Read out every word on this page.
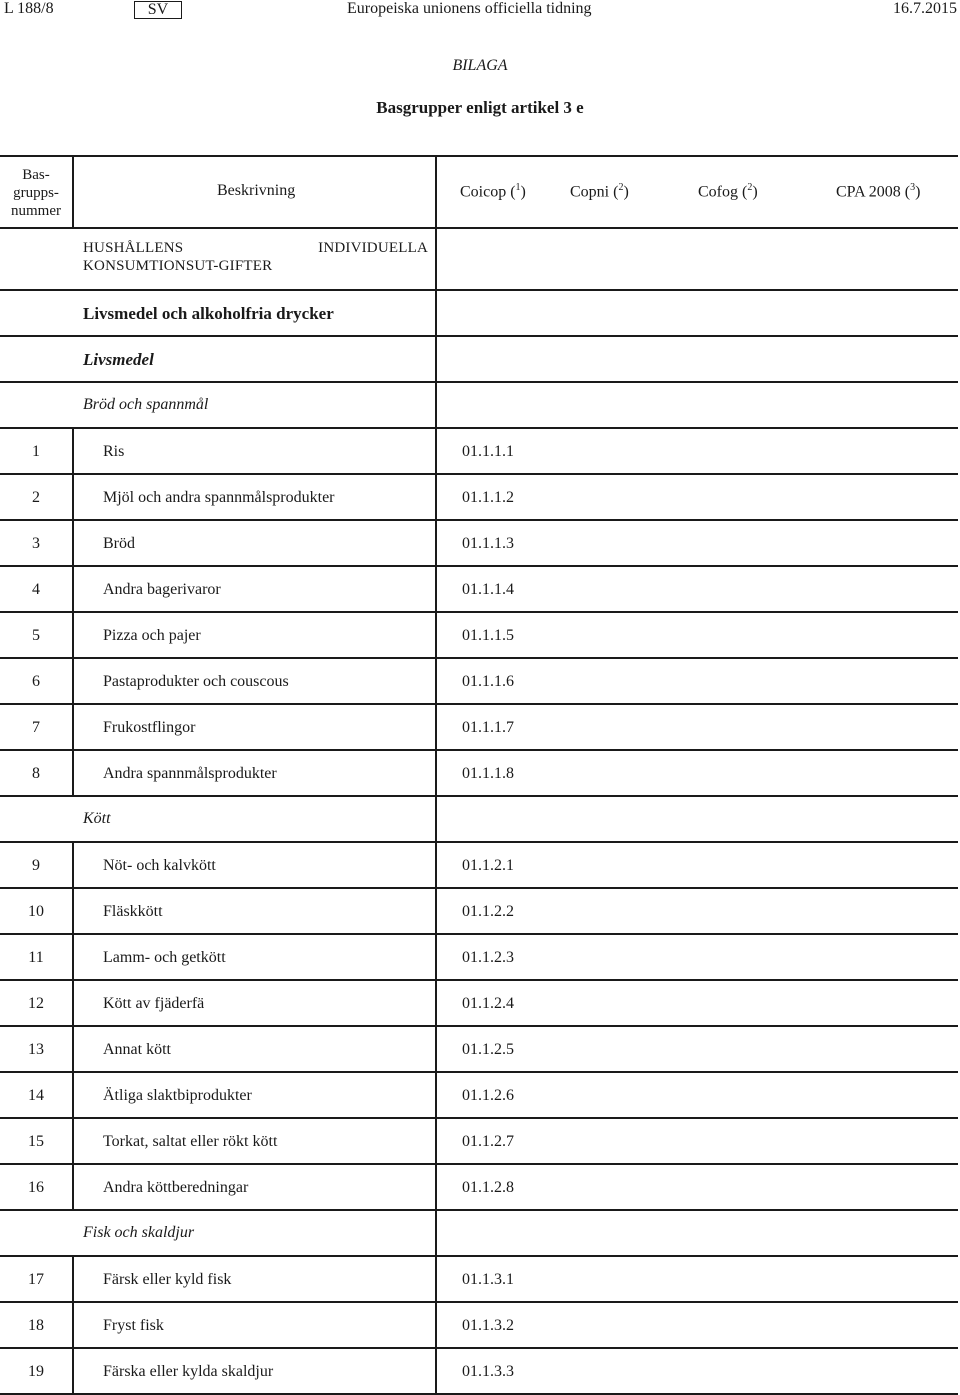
L 188/8	SV	Europeiska unionens officiella tidning	16.7.2015
BILAGA
Basgrupper enligt artikel 3 e
Bas-
grupps-
nummer
Beskrivning	Coicop ($^1$)	Copni ($^2$)	Cofog ($^2$)	CPA 2008 ($^3$)
HUSHÅLLENS INDIVIDUELLA KONSUMTIONSUT-GIFTER
Livsmedel och alkoholfria drycker
Livsmedel
Bröd och spannmål
1	Ris	01.1.1.1
2	Mjöl och andra spannmålsprodukter	01.1.1.2
3	Bröd	01.1.1.3
4	Andra bagerivaror	01.1.1.4
5	Pizza och pajer	01.1.1.5
6	Pastaprodukter och couscous	01.1.1.6
7	Frukostflingor	01.1.1.7
8	Andra spannmålsprodukter	01.1.1.8
Kött
9	Nöt- och kalvkött	01.1.2.1
10	Fläskkött	01.1.2.2
11	Lamm- och getkött	01.1.2.3
12	Kött av fjäderfä	01.1.2.4
13	Annat kött	01.1.2.5
14	Ätliga slaktbiprodukter	01.1.2.6
15	Torkat, saltat eller rökt kött	01.1.2.7
16	Andra köttberedningar	01.1.2.8
Fisk och skaldjur
17	Färsk eller kyld fisk	01.1.3.1
18	Fryst fisk	01.1.3.2
19	Färska eller kylda skaldjur	01.1.3.3
